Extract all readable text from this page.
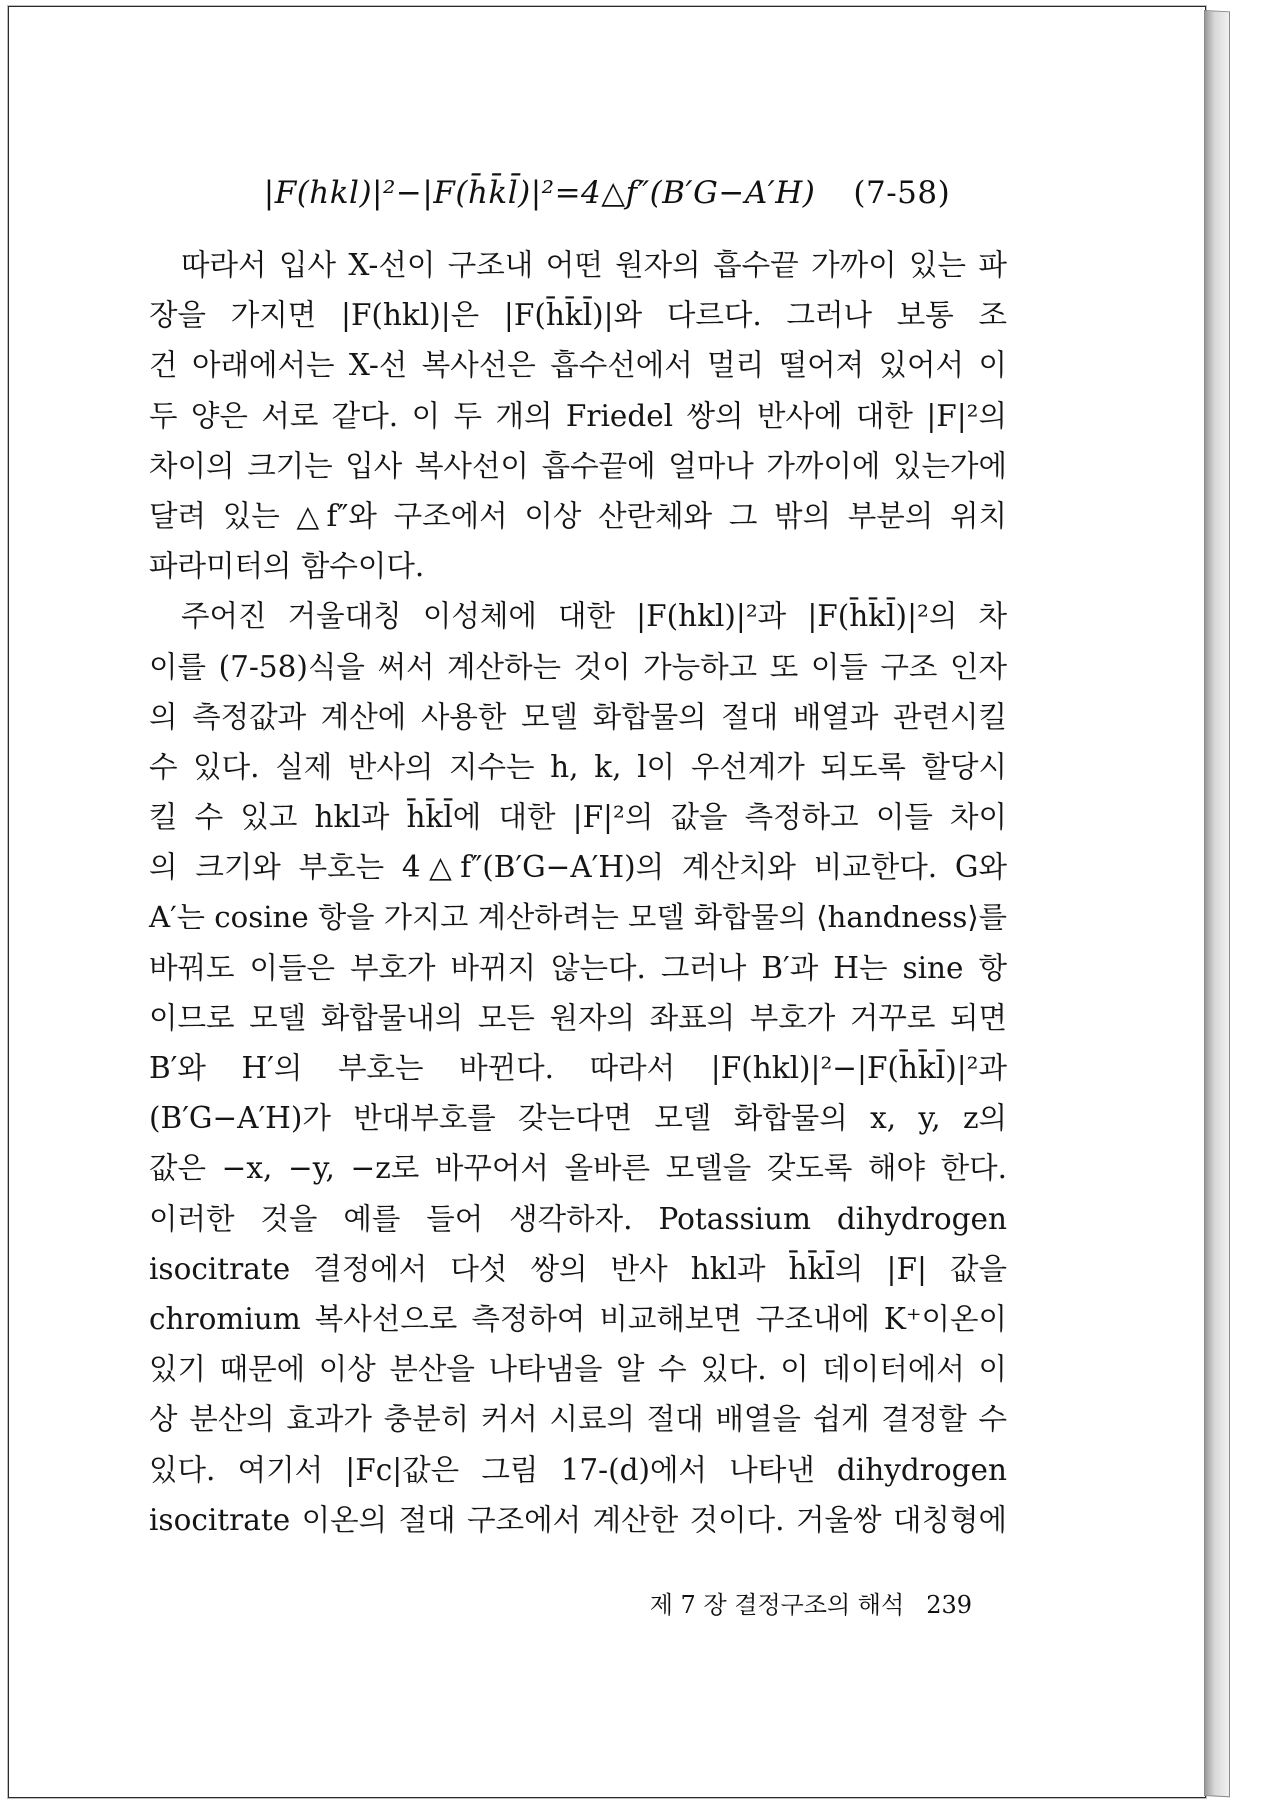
|F(hkl)|²−|F(h̄k̄l̄)|²=4△f″(B′G−A′H) (7-58)
따라서 입사 X-선이 구조내 어떤 원자의 흡수끝 가까이 있는 파
장을 가지면 |F(hkl)|은 |F(h̄k̄l̄)|와 다르다. 그러나 보통 조
건 아래에서는 X-선 복사선은 흡수선에서 멀리 떨어져 있어서 이
두 양은 서로 같다. 이 두 개의 Friedel 쌍의 반사에 대한 |F|²의
차이의 크기는 입사 복사선이 흡수끝에 얼마나 가까이에 있는가에
달려 있는 △f″와 구조에서 이상 산란체와 그 밖의 부분의 위치
파라미터의 함수이다.
주어진 거울대칭 이성체에 대한 |F(hkl)|²과 |F(h̄k̄l̄)|²의 차
이를 (7-58)식을 써서 계산하는 것이 가능하고 또 이들 구조 인자
의 측정값과 계산에 사용한 모델 화합물의 절대 배열과 관련시킬
수 있다. 실제 반사의 지수는 h, k, l이 우선계가 되도록 할당시
킬 수 있고 hkl과 h̄k̄l̄에 대한 |F|²의 값을 측정하고 이들 차이
의 크기와 부호는 4△f″(B′G−A′H)의 계산치와 비교한다. G와
A′는 cosine 항을 가지고 계산하려는 모델 화합물의 ⟨handness⟩를
바꿔도 이들은 부호가 바뀌지 않는다. 그러나 B′과 H는 sine 항
이므로 모델 화합물내의 모든 원자의 좌표의 부호가 거꾸로 되면
B′와 H′의 부호는 바뀐다. 따라서 |F(hkl)|²−|F(h̄k̄l̄)|²과
(B′G−A′H)가 반대부호를 갖는다면 모델 화합물의 x, y, z의
값은 −x, −y, −z로 바꾸어서 올바른 모델을 갖도록 해야 한다.
이러한 것을 예를 들어 생각하자. Potassium dihydrogen
isocitrate 결정에서 다섯 쌍의 반사 hkl과 h̄k̄l̄의 |F| 값을
chromium 복사선으로 측정하여 비교해보면 구조내에 K⁺이온이
있기 때문에 이상 분산을 나타냄을 알 수 있다. 이 데이터에서 이
상 분산의 효과가 충분히 커서 시료의 절대 배열을 쉽게 결정할 수
있다. 여기서 |Fc|값은 그림 17-(d)에서 나타낸 dihydrogen
isocitrate 이온의 절대 구조에서 계산한 것이다. 거울쌍 대칭형에
제 7 장 결정구조의 해석 239
